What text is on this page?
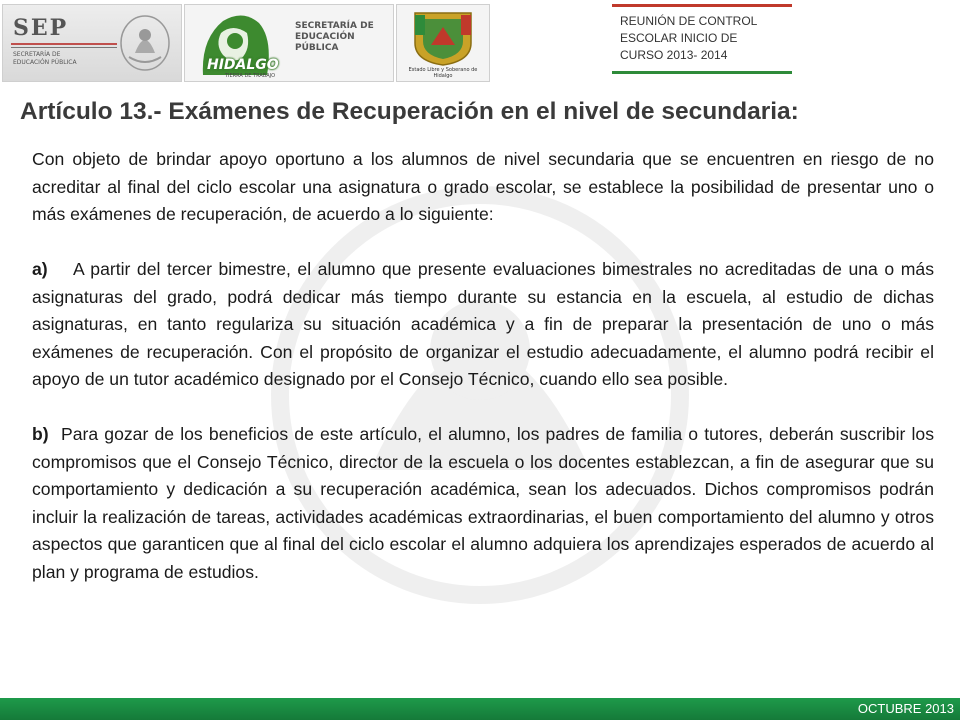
SEP
SECRETARÍA DE
EDUCACIÓN PÚBLICA	HIDALGO
TIERRA DE TRABAJO
SECRETARÍA DE
EDUCACIÓN
PÚBLICA
Estado Libre y Soberano de Hidalgo
REUNIÓN DE CONTROL
ESCOLAR INICIO DE
CURSO 2013- 2014
Artículo 13.- Exámenes de Recuperación en el nivel de secundaria:

Con objeto de brindar apoyo oportuno a los alumnos de nivel secundaria que se encuentren en riesgo de no acreditar al final del ciclo escolar una asignatura o grado escolar, se establece la posibilidad de presentar uno o más exámenes de recuperación, de acuerdo a lo siguiente:

a) A partir del tercer bimestre, el alumno que presente evaluaciones bimestrales no acreditadas de una o más asignaturas del grado, podrá dedicar más tiempo durante su estancia en la escuela, al estudio de dichas asignaturas, en tanto regulariza su situación académica y a fin de preparar la presentación de uno o más exámenes de recuperación. Con el propósito de organizar el estudio adecuadamente, el alumno podrá recibir el apoyo de un tutor académico designado por el Consejo Técnico, cuando ello sea posible.

b) Para gozar de los beneficios de este artículo, el alumno, los padres de familia o tutores, deberán suscribir los compromisos que el Consejo Técnico, director de la escuela o los docentes establezcan, a fin de asegurar que su comportamiento y dedicación a su recuperación académica, sean los adecuados. Dichos compromisos podrán incluir la realización de tareas, actividades académicas extraordinarias, el buen comportamiento del alumno y otros aspectos que garanticen que al final del ciclo escolar el alumno adquiera los aprendizajes esperados de acuerdo al plan y programa de estudios.

OCTUBRE 2013
